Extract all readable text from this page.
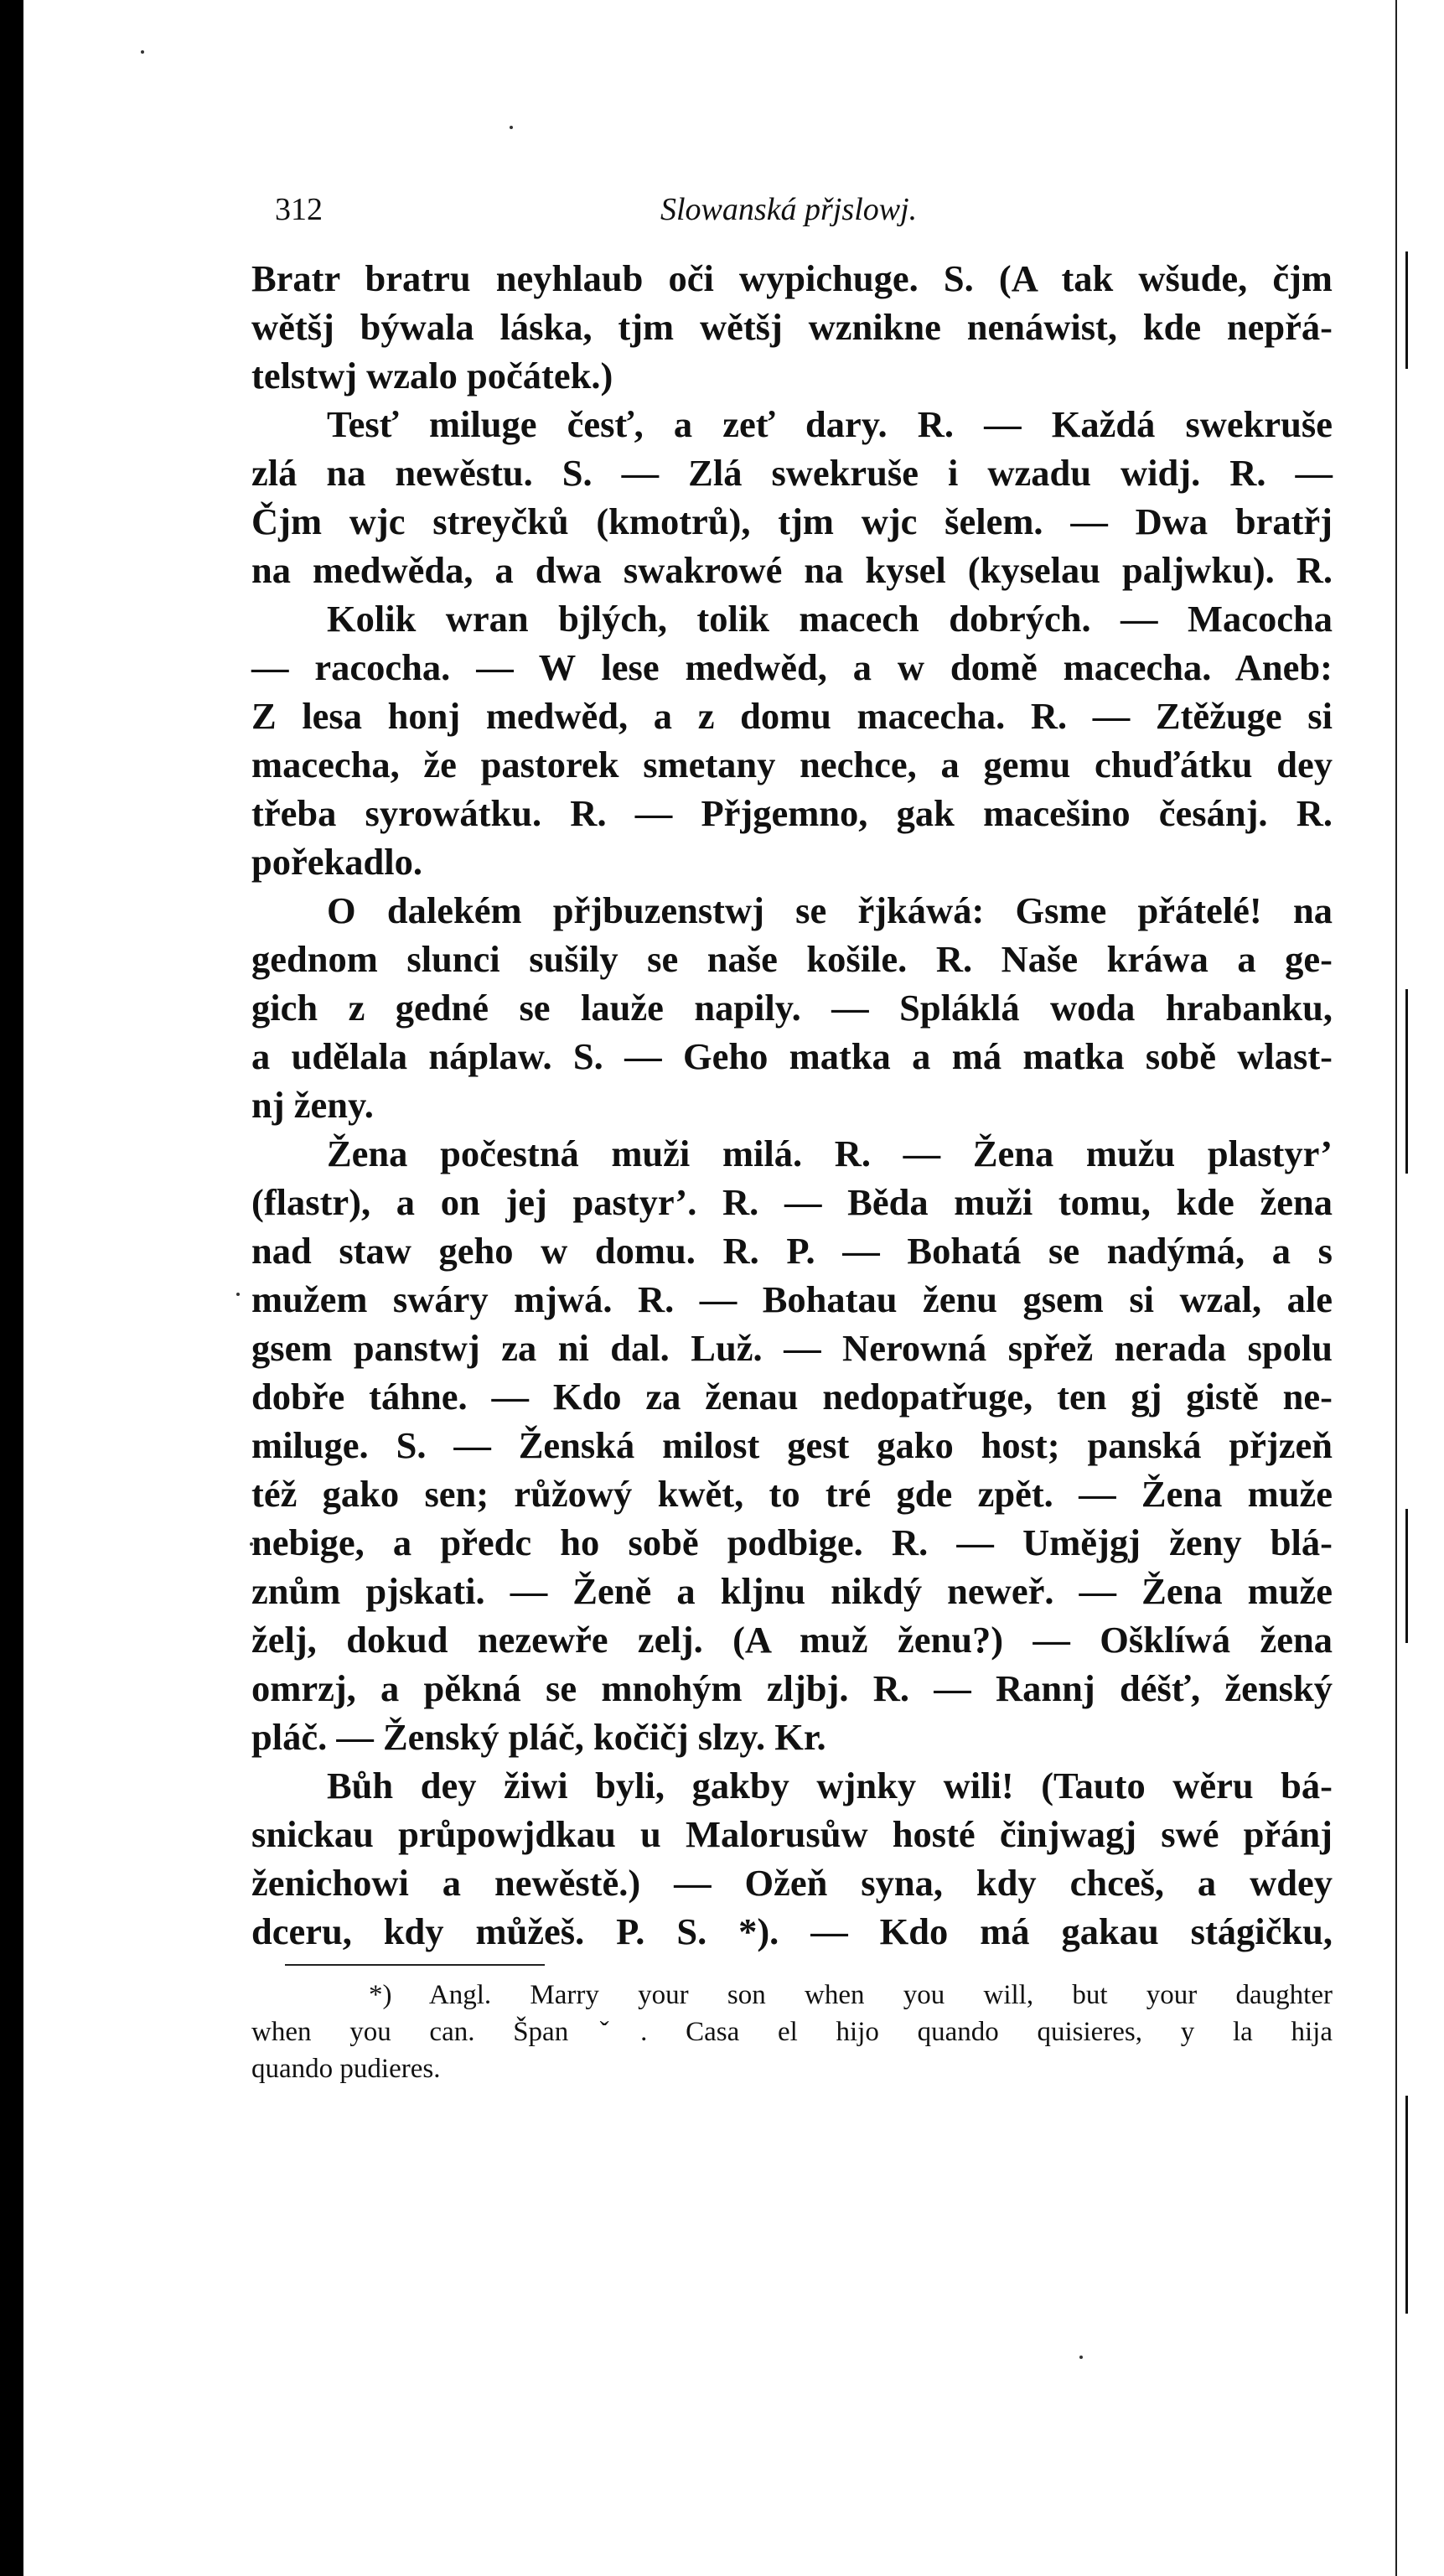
312	Slowanská přjslowj.
Bratr bratru neyhlaub oči wypichuge. S. (A tak wšude, čjm
wětšj býwala láska, tjm wětšj wznikne nenáwist, kde nepřá-
telstwj wzalo počátek.)
Tesť miluge česť, a zeť dary. R. — Každá swekruše
zlá na newěstu. S. — Zlá swekruše i wzadu widj. R. —
Čjm wjc streyčků (kmotrů), tjm wjc šelem. — Dwa bratřj
na medwěda, a dwa swakrowé na kysel (kyselau paljwku). R.
Kolik wran bjlých, tolik macech dobrých. — Macocha
— racocha. — W lese medwěd, a w domě macecha. Aneb:
Z lesa honj medwěd, a z domu macecha. R. — Ztěžuge si
macecha, že pastorek smetany nechce, a gemu chuďátku dey
třeba syrowátku. R. — Přjgemno, gak macešino česánj. R.
pořekadlo.
O dalekém přjbuzenstwj se řjkáwá: Gsme přátelé! na
gednom slunci sušily se naše košile. R. Naše kráwa a ge-
gich z gedné se lauže napily. — Spláklá woda hrabanku,
a udělala náplaw. S. — Geho matka a má matka sobě wlast-
nj ženy.
Žena počestná muži milá. R. — Žena mužu plastyr’
(flastr), a on jej pastyr’. R. — Běda muži tomu, kde žena
nad staw geho w domu. R. P. — Bohatá se nadýmá, a s
mužem swáry mjwá. R. — Bohatau ženu gsem si wzal, ale
gsem panstwj za ni dal. Luž. — Nerowná spřež nerada spolu
dobře táhne. — Kdo za ženau nedopatřuge, ten gj gistě ne-
miluge. S. — Ženská milost gest gako host; panská přjzeň
též gako sen; růžowý kwět, to tré gde zpět. — Žena muže
nebige, a předc ho sobě podbige. R. — Umějgj ženy blá-
znům pjskati. — Ženě a kljnu nikdý neweř. — Žena muže
želj, dokud nezewře zelj. (A muž ženu?) — Ošklíwá žena
omrzj, a pěkná se mnohým zljbj. R. — Rannj déšť, ženský
pláč. — Ženský pláč, kočičj slzy. Kr.
Bůh dey žiwi byli, gakby wjnky wili! (Tauto wěru bá-
snickau průpowjdkau u Malorusůw hosté činjwagj swé přánj
ženichowi a newěstě.) — Ožeň syna, kdy chceš, a wdey
dceru, kdy můžeš. P. S. *). — Kdo má gakau stágičku,
*) Angl. Marry your son when you will, but your daughter
when you can. Španˇ. Casa el hijo quando quisieres, y la hija
quando pudieres.
